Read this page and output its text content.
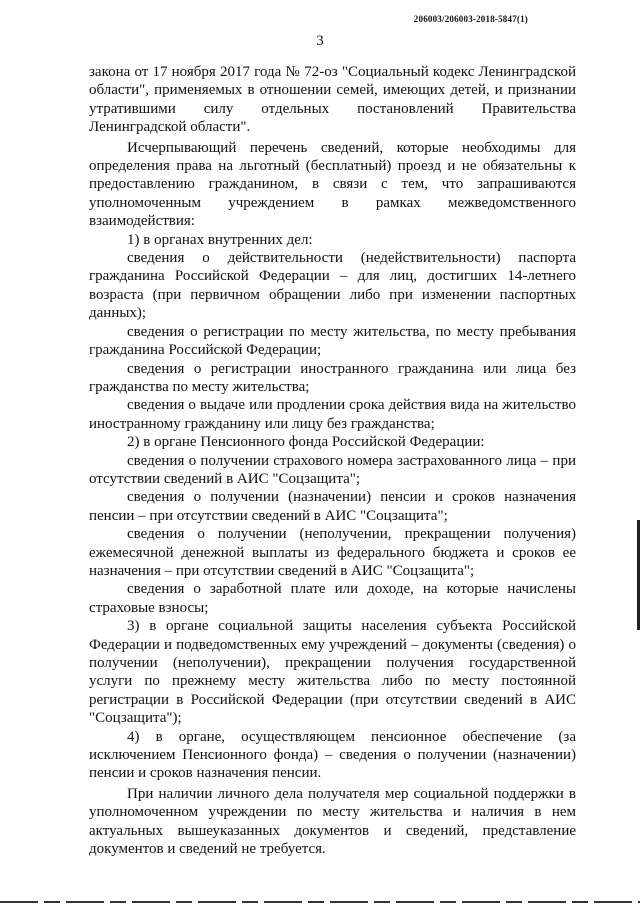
206003/206003-2018-5847(1)
3

закона от 17 ноября 2017 года № 72-оз "Социальный кодекс Ленинградской области", применяемых в отношении семей, имеющих детей, и признании утратившими силу отдельных постановлений Правительства Ленинградской области".

Исчерпывающий перечень сведений, которые необходимы для определения права на льготный (бесплатный) проезд и не обязательны к предоставлению гражданином, в связи с тем, что запрашиваются уполномоченным учреждением в рамках межведомственного взаимодействия:

1) в органах внутренних дел:

сведения о действительности (недействительности) паспорта гражданина Российской Федерации – для лиц, достигших 14-летнего возраста (при первичном обращении либо при изменении паспортных данных);

сведения о регистрации по месту жительства, по месту пребывания гражданина Российской Федерации;

сведения о регистрации иностранного гражданина или лица без гражданства по месту жительства;

сведения о выдаче или продлении срока действия вида на жительство иностранному гражданину или лицу без гражданства;

2) в органе Пенсионного фонда Российской Федерации:

сведения о получении страхового номера застрахованного лица – при отсутствии сведений в АИС "Соцзащита";

сведения о получении (назначении) пенсии и сроков назначения пенсии – при отсутствии сведений в АИС "Соцзащита";

сведения о получении (неполучении, прекращении получения) ежемесячной денежной выплаты из федерального бюджета и сроков ее назначения – при отсутствии сведений в АИС "Соцзащита";

сведения о заработной плате или доходе, на которые начислены страховые взносы;

3) в органе социальной защиты населения субъекта Российской Федерации и подведомственных ему учреждений – документы (сведения) о получении (неполучении), прекращении получения государственной услуги по прежнему месту жительства либо по месту постоянной регистрации в Российской Федерации (при отсутствии сведений в АИС "Соцзащита");

4) в органе, осуществляющем пенсионное обеспечение (за исключением Пенсионного фонда) – сведения о получении (назначении) пенсии и сроков назначения пенсии.

При наличии личного дела получателя мер социальной поддержки в уполномоченном учреждении по месту жительства и наличия в нем актуальных вышеуказанных документов и сведений, представление документов и сведений не требуется.
